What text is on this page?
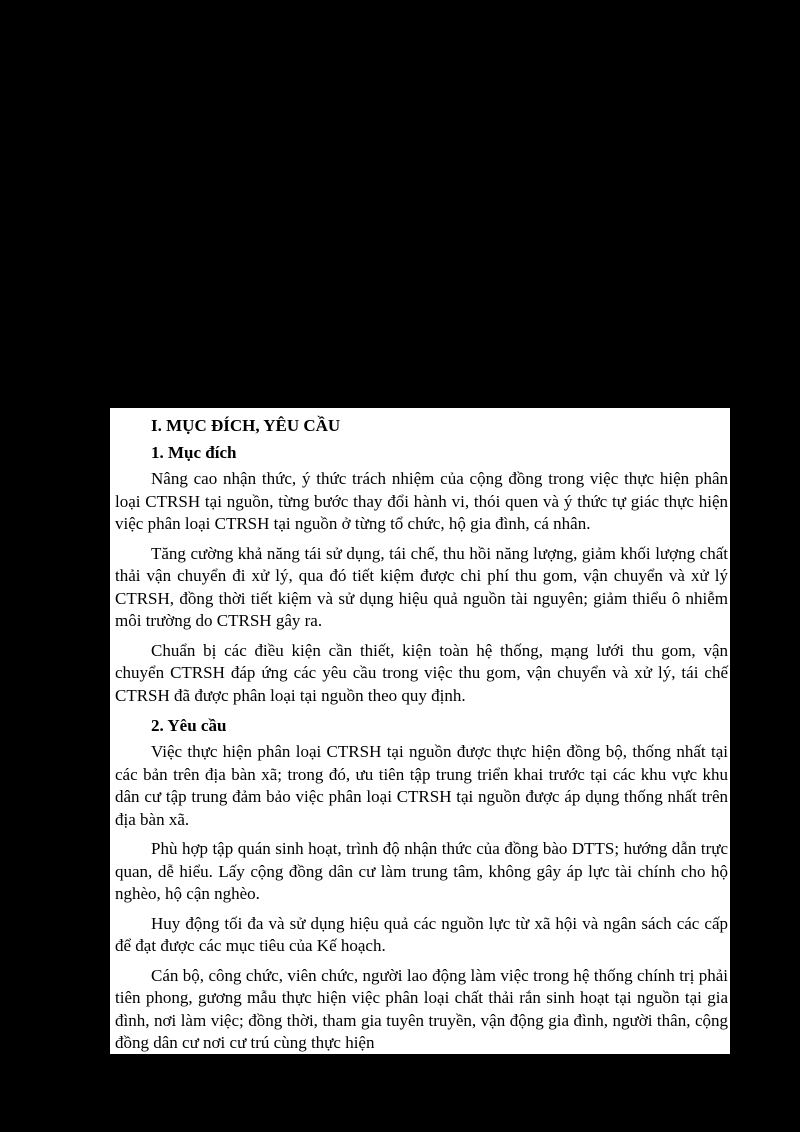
I. MỤC ĐÍCH, YÊU CẦU

1. Mục đích

Nâng cao nhận thức, ý thức trách nhiệm của cộng đồng trong việc thực hiện phân loại CTRSH tại nguồn, từng bước thay đổi hành vi, thói quen và ý thức tự giác thực hiện việc phân loại CTRSH tại nguồn ở từng tổ chức, hộ gia đình, cá nhân.

Tăng cường khả năng tái sử dụng, tái chế, thu hồi năng lượng, giảm khối lượng chất thải vận chuyển đi xử lý, qua đó tiết kiệm được chi phí thu gom, vận chuyển và xử lý CTRSH, đồng thời tiết kiệm và sử dụng hiệu quả nguồn tài nguyên; giảm thiểu ô nhiễm môi trường do CTRSH gây ra.

Chuẩn bị các điều kiện cần thiết, kiện toàn hệ thống, mạng lưới thu gom, vận chuyển CTRSH đáp ứng các yêu cầu trong việc thu gom, vận chuyển và xử lý, tái chế CTRSH đã được phân loại tại nguồn theo quy định.

2. Yêu cầu

Việc thực hiện phân loại CTRSH tại nguồn được thực hiện đồng bộ, thống nhất tại các bản trên địa bàn xã; trong đó, ưu tiên tập trung triển khai trước tại các khu vực khu dân cư tập trung đảm bảo việc phân loại CTRSH tại nguồn được áp dụng thống nhất trên địa bàn xã.

Phù hợp tập quán sinh hoạt, trình độ nhận thức của đồng bào DTTS; hướng dẫn trực quan, dễ hiểu. Lấy cộng đồng dân cư làm trung tâm, không gây áp lực tài chính cho hộ nghèo, hộ cận nghèo.

Huy động tối đa và sử dụng hiệu quả các nguồn lực từ xã hội và ngân sách các cấp để đạt được các mục tiêu của Kế hoạch.

Cán bộ, công chức, viên chức, người lao động làm việc trong hệ thống chính trị phải tiên phong, gương mẫu thực hiện việc phân loại chất thải rắn sinh hoạt tại nguồn tại gia đình, nơi làm việc; đồng thời, tham gia tuyên truyền, vận động gia đình, người thân, cộng đồng dân cư nơi cư trú cùng thực hiện
